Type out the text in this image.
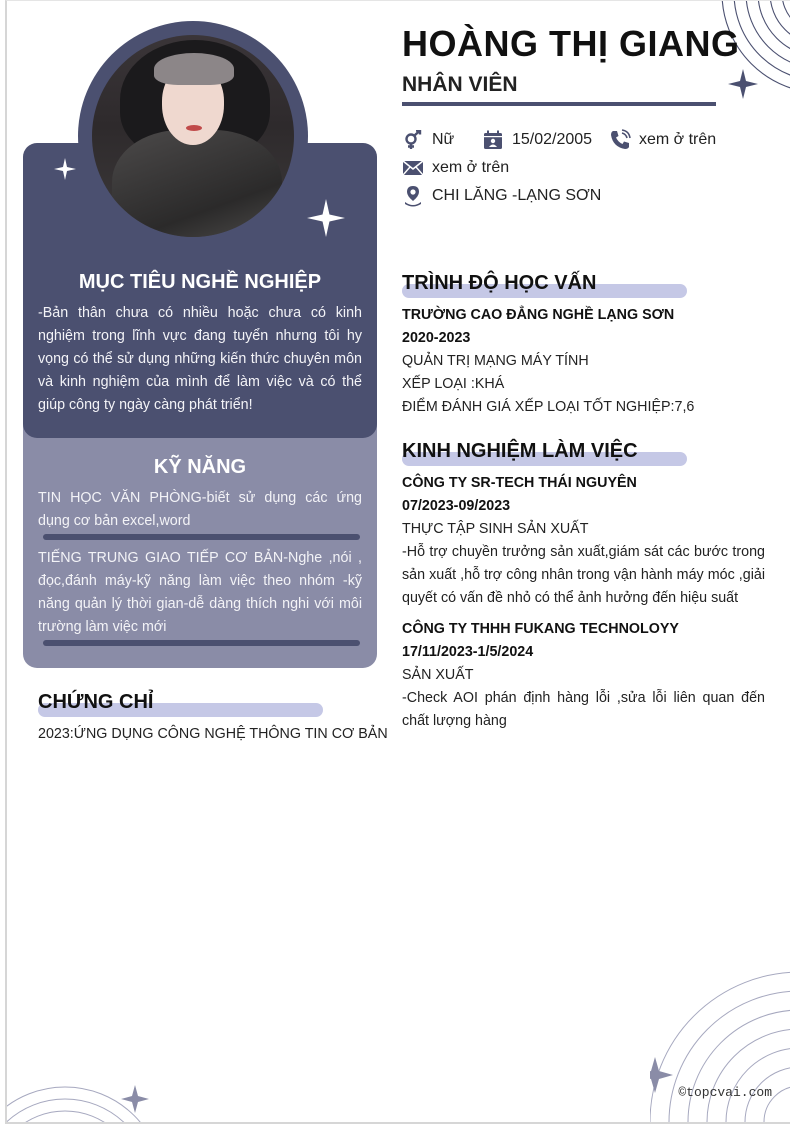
MỤC TIÊU NGHỀ NGHIỆP
-Bản thân chưa có nhiều hoặc chưa có kinh nghiệm trong lĩnh vực đang tuyển nhưng tôi hy vọng có thể sử dụng những kiến thức chuyên môn và kinh nghiệm của mình để làm việc và có thể giúp công ty ngày càng phát triển!
KỸ NĂNG
TIN HỌC VĂN PHÒNG-biết sử dụng các ứng dụng cơ bản excel,word
TIẾNG TRUNG GIAO TIẾP CƠ BẢN-Nghe ,nói , đọc,đánh máy-kỹ năng làm việc theo nhóm -kỹ năng quản lý thời gian-dễ dàng thích nghi với môi trường làm việc mới
CHỨNG CHỈ
2023:ỨNG DỤNG CÔNG NGHỆ THÔNG TIN CƠ BẢN
HOÀNG THỊ GIANG
NHÂN VIÊN
Nữ	15/02/2005	xem ở trên
xem ở trên
CHI LĂNG -LẠNG SƠN
TRÌNH ĐỘ HỌC VẤN
TRƯỜNG CAO ĐẲNG NGHỀ LẠNG SƠN
2020-2023
QUẢN TRỊ MẠNG MÁY TÍNH
XẾP LOẠI :KHÁ
ĐIỂM ĐÁNH GIÁ XẾP LOẠI TỐT NGHIỆP:7,6
KINH NGHIỆM LÀM VIỆC
CÔNG TY SR-TECH THÁI NGUYÊN
07/2023-09/2023
THỰC TẬP SINH SẢN XUẤT
-Hỗ trợ chuyền trưởng sản xuất,giám sát các bước trong sản xuất ,hỗ trợ công nhân trong vận hành máy móc ,giải quyết có vấn đề nhỏ có thể ảnh hưởng đến hiệu suất
CÔNG TY THHH FUKANG TECHNOLOYY
17/11/2023-1/5/2024
SẢN XUẤT
-Check AOI phán định hàng lỗi ,sửa lỗi liên quan đến chất lượng hàng
©topcvai.com
